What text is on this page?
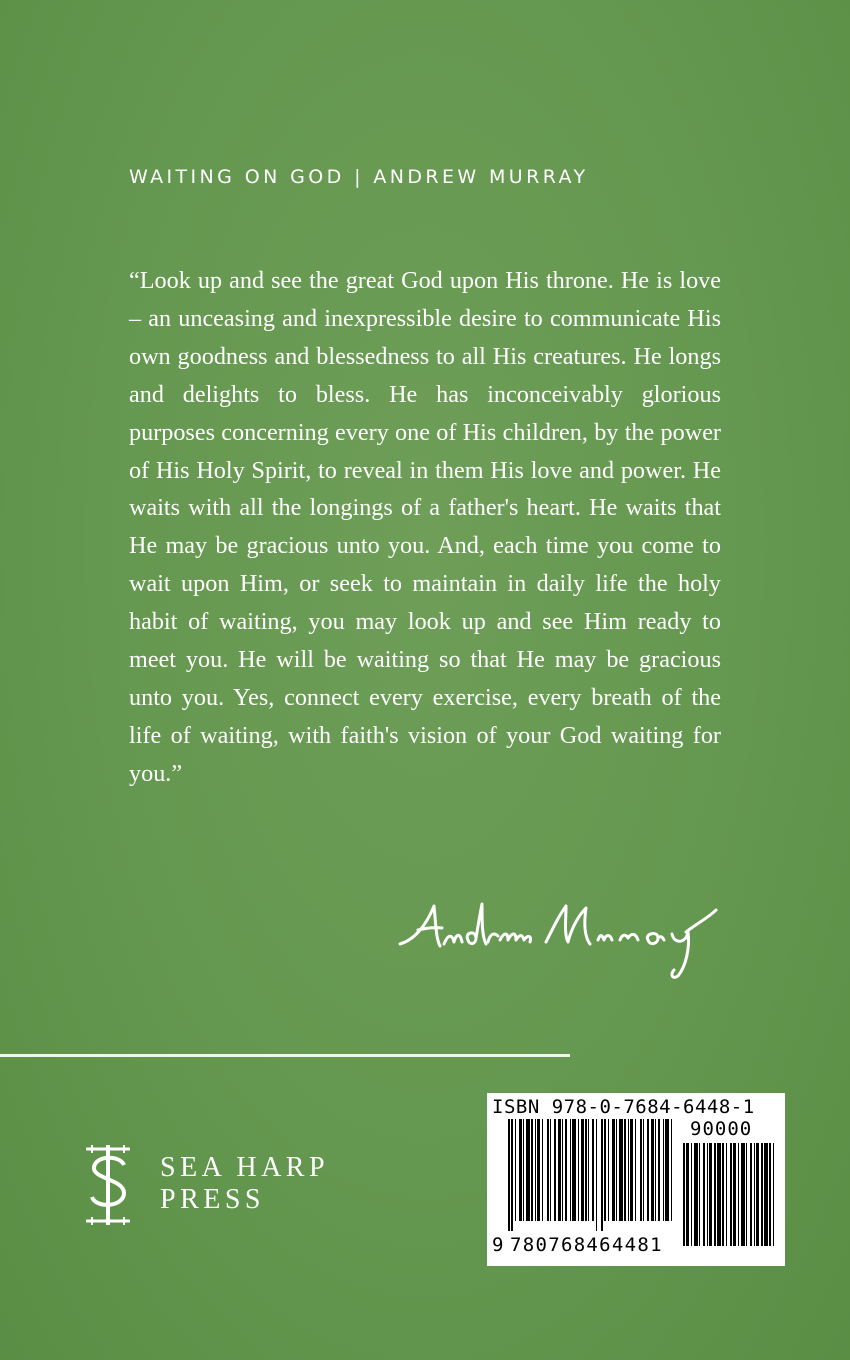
WAITING ON GOD | ANDREW MURRAY

“Look up and see the great God upon His throne. He is love – an unceasing and inexpressible desire to communicate His own goodness and blessedness to all His creatures. He longs and delights to bless. He has inconceivably glorious purposes concerning every one of His children, by the power of His Holy Spirit, to reveal in them His love and power. He waits with all the longings of a father's heart. He waits that He may be gracious unto you. And, each time you come to wait upon Him, or seek to maintain in daily life the holy habit of waiting, you may look up and see Him ready to meet you. He will be waiting so that He may be gracious unto you. Yes, connect every exercise, every breath of the life of waiting, with faith's vision of your God waiting for you.”

SEA HARP
PRESS
ISBN 978-0-7684-6448-1
90000
9 780768464481
